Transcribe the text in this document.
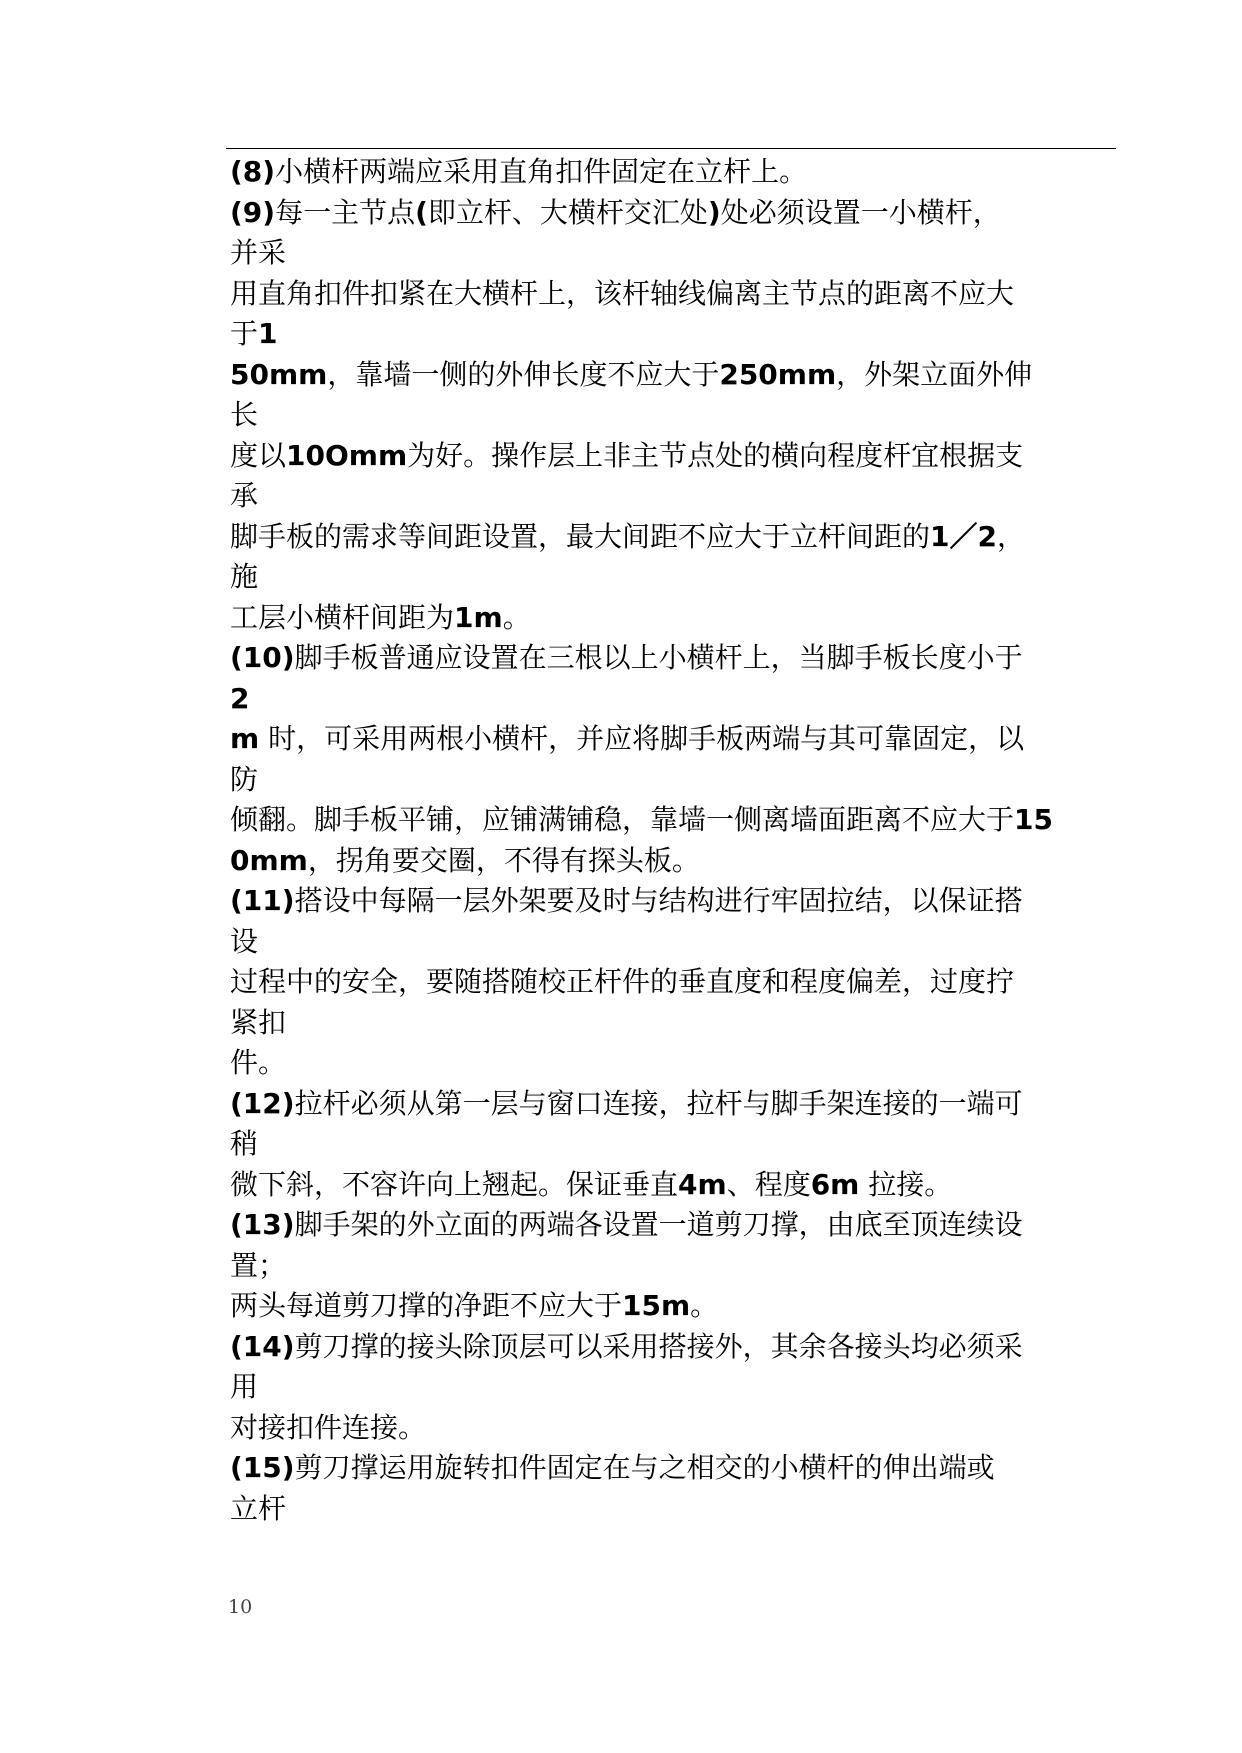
(8)小横杆两端应采用直角扣件固定在立杆上。
(9)每一主节点(即立杆、大横杆交汇处)处必须设置一小横杆，
并采
用直角扣件扣紧在大横杆上，该杆轴线偏离主节点的距离不应大
于1
50mm，靠墙一侧的外伸长度不应大于250mm，外架立面外伸
长
度以10Omm为好。操作层上非主节点处的横向程度杆宜根据支
承
脚手板的需求等间距设置，最大间距不应大于立杆间距的1／2，
施
工层小横杆间距为1m。
(10)脚手板普通应设置在三根以上小横杆上，当脚手板长度小于
2
m 时，可采用两根小横杆，并应将脚手板两端与其可靠固定，以
防
倾翻。脚手板平铺，应铺满铺稳，靠墙一侧离墙面距离不应大于15
0mm，拐角要交圈，不得有探头板。
(11)搭设中每隔一层外架要及时与结构进行牢固拉结，以保证搭
设
过程中的安全，要随搭随校正杆件的垂直度和程度偏差，过度拧
紧扣
件。
(12)拉杆必须从第一层与窗口连接，拉杆与脚手架连接的一端可
稍
微下斜，不容许向上翘起。保证垂直4m、程度6m 拉接。
(13)脚手架的外立面的两端各设置一道剪刀撑，由底至顶连续设
置；
两头每道剪刀撑的净距不应大于15m。
(14)剪刀撑的接头除顶层可以采用搭接外，其余各接头均必须采
用
对接扣件连接。
(15)剪刀撑运用旋转扣件固定在与之相交的小横杆的伸出端或
立杆
10
